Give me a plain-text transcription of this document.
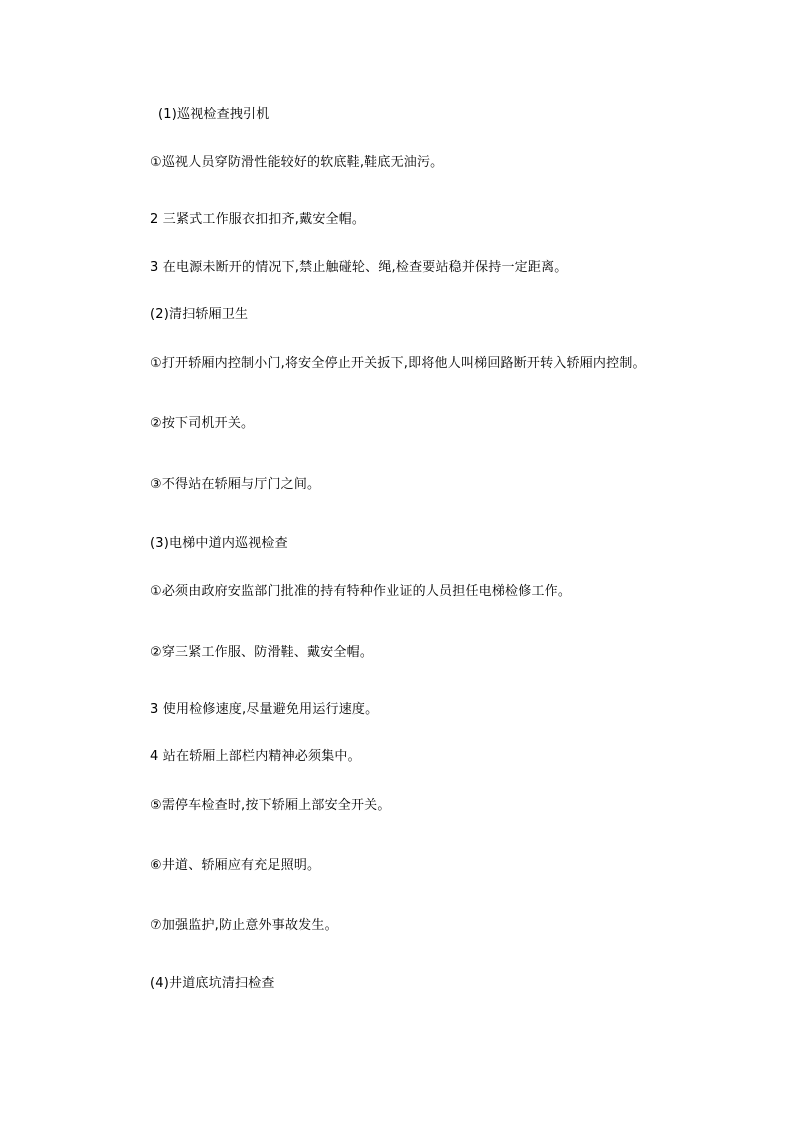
(1)巡视检查拽引机
①巡视人员穿防滑性能较好的软底鞋,鞋底无油污。
2 三紧式工作服衣扣扣齐,戴安全帽。
3 在电源未断开的情况下,禁止触碰轮、绳,检查要站稳并保持一定距离。
(2)清扫轿厢卫生
①打开轿厢内控制小门,将安全停止开关扳下,即将他人叫梯回路断开转入轿厢内控制。
②按下司机开关。
③不得站在轿厢与厅门之间。
(3)电梯中道内巡视检查
①必须由政府安监部门批准的持有特种作业证的人员担任电梯检修工作。
②穿三紧工作服、防滑鞋、戴安全帽。
3 使用检修速度,尽量避免用运行速度。
4 站在轿厢上部栏内精神必须集中。
⑤需停车检查时,按下轿厢上部安全开关。
⑥井道、轿厢应有充足照明。
⑦加强监护,防止意外事故发生。
(4)井道底坑清扫检查
